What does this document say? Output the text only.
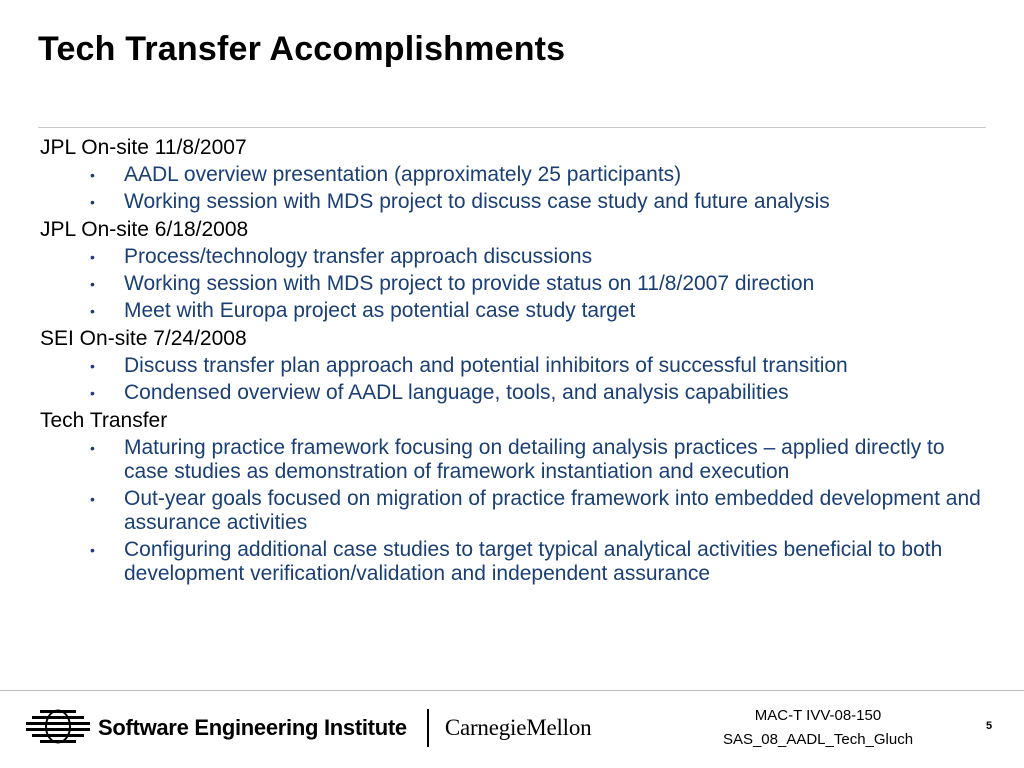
Tech Transfer Accomplishments

JPL On-site 11/8/2007

• AADL overview presentation (approximately 25 participants)
• Working session with MDS project to discuss case study and future analysis

JPL On-site 6/18/2008

• Process/technology transfer approach discussions
• Working session with MDS project to provide status on 11/8/2007 direction
• Meet with Europa project as potential case study target

SEI On-site 7/24/2008

• Discuss transfer plan approach and potential inhibitors of successful transition
• Condensed overview of AADL language, tools, and analysis capabilities

Tech Transfer

• Maturing practice framework focusing on detailing analysis practices – applied directly to case studies as demonstration of framework instantiation and execution
• Out-year goals focused on migration of practice framework into embedded development and assurance activities
• Configuring additional case studies to target typical analytical activities beneficial to both development verification/validation and independent assurance
Software Engineering Institute CarnegieMellon	MAC-T IVV-08-150
SAS_08_AADL_Tech_Gluch
5
